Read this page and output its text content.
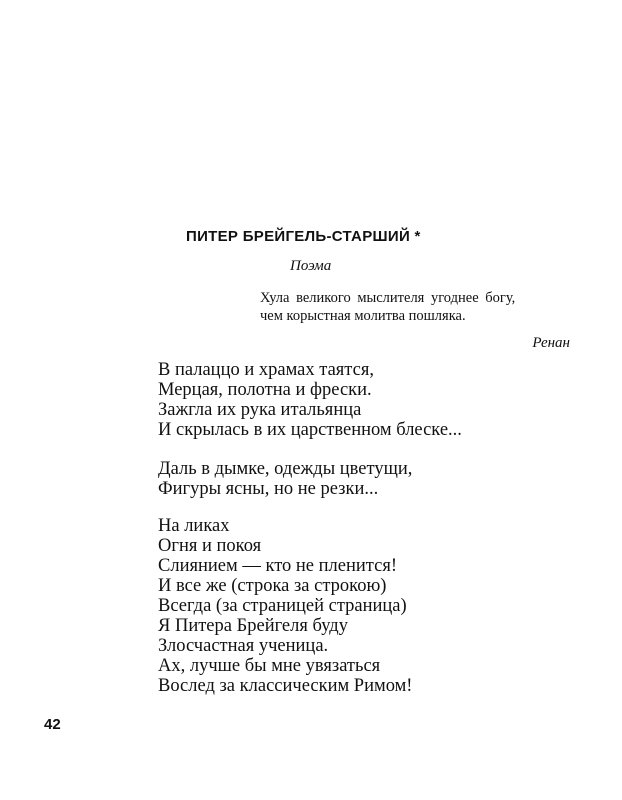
ПИТЕР БРЕЙГЕЛЬ-СТАРШИЙ *
Поэма
Хула великого мыслителя угоднее богу,
чем корыстная молитва пошляка.
Ренан
В палаццо и храмах таятся,
Мерцая, полотна и фрески.
Зажгла их рука итальянца
И скрылась в их царственном блеске...
Даль в дымке, одежды цветущи,
Фигуры ясны, но не резки...
На ликах
Огня и покоя
Слиянием — кто не пленится!
И все же (строка за строкою)
Всегда (за страницей страница)
Я Питера Брейгеля буду
Злосчастная ученица.
Ах, лучше бы мне увязаться
Вослед за классическим Римом!
42
